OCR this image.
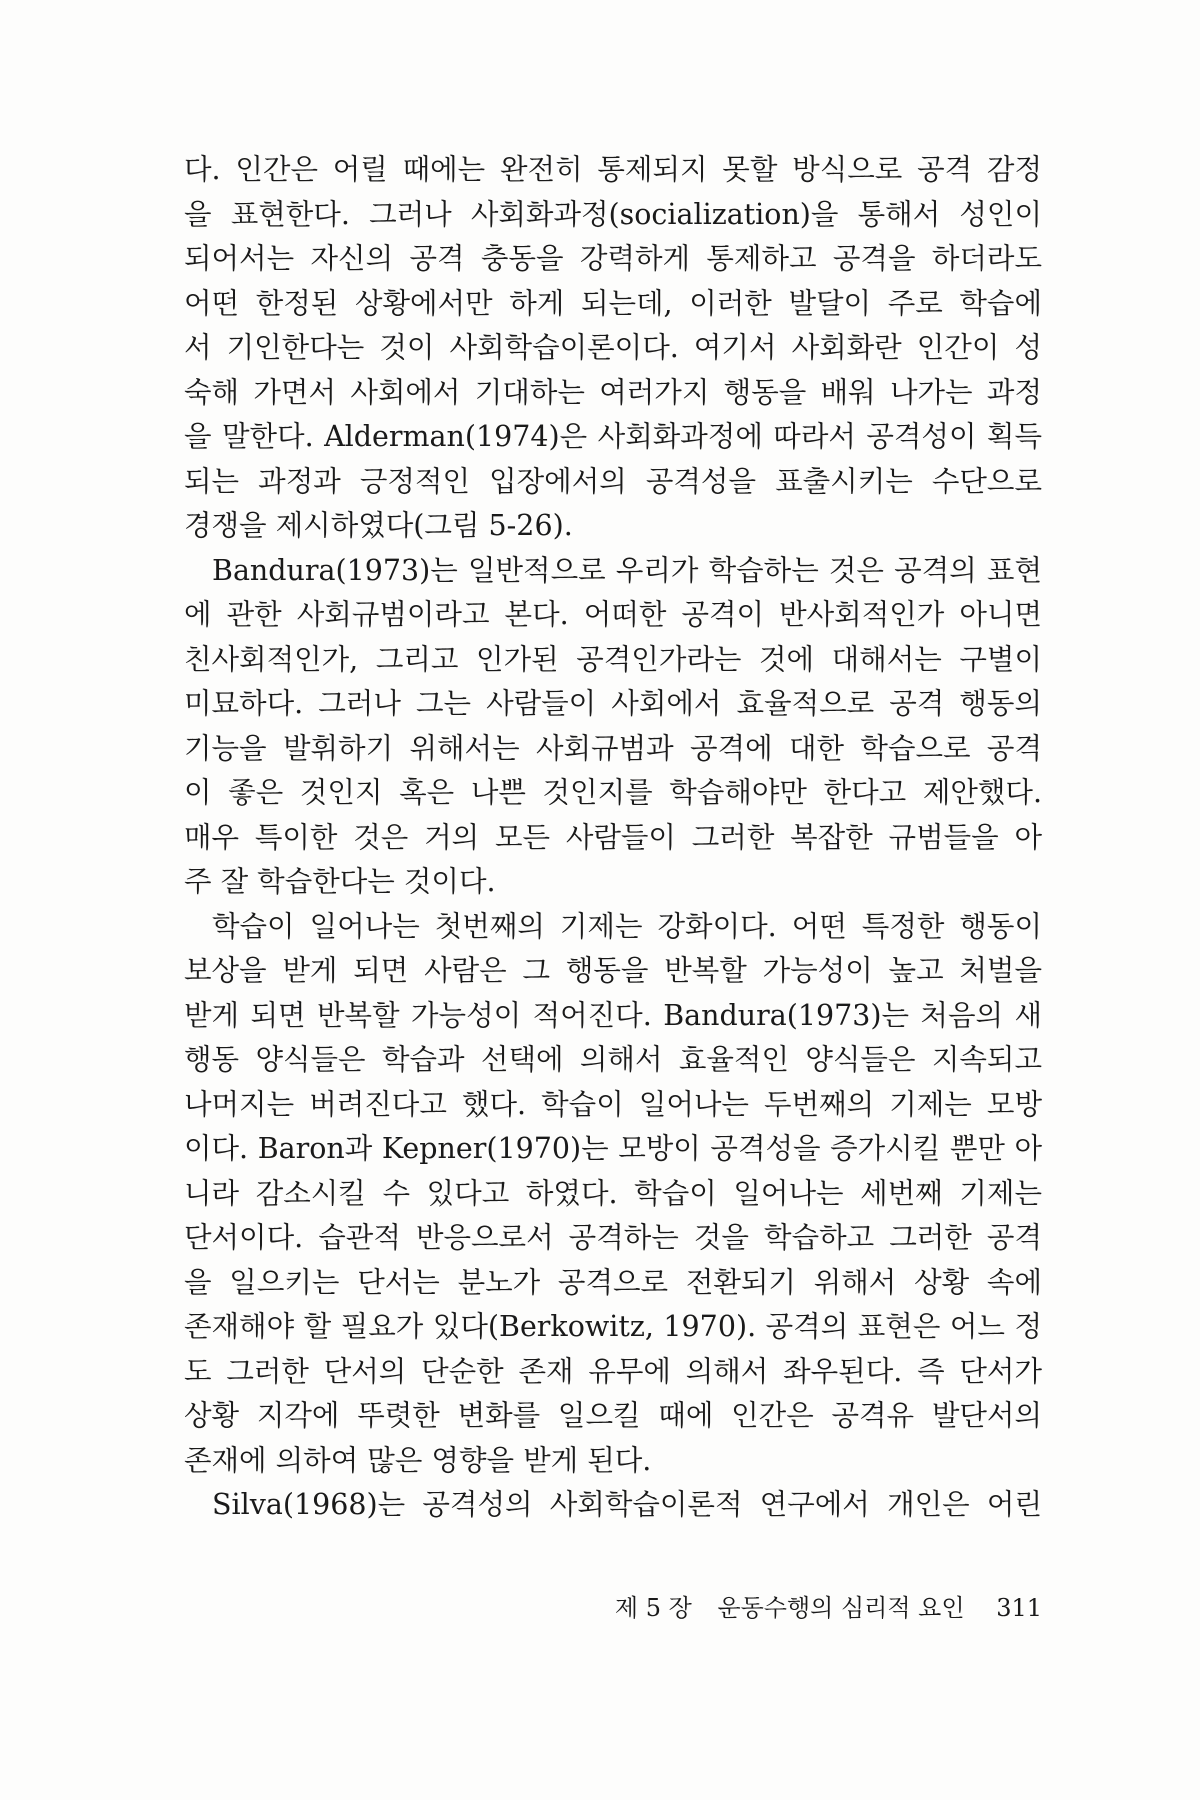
다. 인간은 어릴 때에는 완전히 통제되지 못할 방식으로 공격 감정
을 표현한다. 그러나 사회화과정(socialization)을 통해서 성인이
되어서는 자신의 공격 충동을 강력하게 통제하고 공격을 하더라도
어떤 한정된 상황에서만 하게 되는데, 이러한 발달이 주로 학습에
서 기인한다는 것이 사회학습이론이다. 여기서 사회화란 인간이 성
숙해 가면서 사회에서 기대하는 여러가지 행동을 배워 나가는 과정
을 말한다. Alderman(1974)은 사회화과정에 따라서 공격성이 획득
되는 과정과 긍정적인 입장에서의 공격성을 표출시키는 수단으로
경쟁을 제시하였다(그림 5-26).
Bandura(1973)는 일반적으로 우리가 학습하는 것은 공격의 표현
에 관한 사회규범이라고 본다. 어떠한 공격이 반사회적인가 아니면
친사회적인가, 그리고 인가된 공격인가라는 것에 대해서는 구별이
미묘하다. 그러나 그는 사람들이 사회에서 효율적으로 공격 행동의
기능을 발휘하기 위해서는 사회규범과 공격에 대한 학습으로 공격
이 좋은 것인지 혹은 나쁜 것인지를 학습해야만 한다고 제안했다.
매우 특이한 것은 거의 모든 사람들이 그러한 복잡한 규범들을 아
주 잘 학습한다는 것이다.
학습이 일어나는 첫번째의 기제는 강화이다. 어떤 특정한 행동이
보상을 받게 되면 사람은 그 행동을 반복할 가능성이 높고 처벌을
받게 되면 반복할 가능성이 적어진다. Bandura(1973)는 처음의 새
행동 양식들은 학습과 선택에 의해서 효율적인 양식들은 지속되고
나머지는 버려진다고 했다. 학습이 일어나는 두번째의 기제는 모방
이다. Baron과 Kepner(1970)는 모방이 공격성을 증가시킬 뿐만 아
니라 감소시킬 수 있다고 하였다. 학습이 일어나는 세번째 기제는
단서이다. 습관적 반응으로서 공격하는 것을 학습하고 그러한 공격
을 일으키는 단서는 분노가 공격으로 전환되기 위해서 상황 속에
존재해야 할 필요가 있다(Berkowitz, 1970). 공격의 표현은 어느 정
도 그러한 단서의 단순한 존재 유무에 의해서 좌우된다. 즉 단서가
상황 지각에 뚜렷한 변화를 일으킬 때에 인간은 공격유 발단서의
존재에 의하여 많은 영향을 받게 된다.
Silva(1968)는 공격성의 사회학습이론적 연구에서 개인은 어린
제 5 장 운동수행의 심리적 요인 311
